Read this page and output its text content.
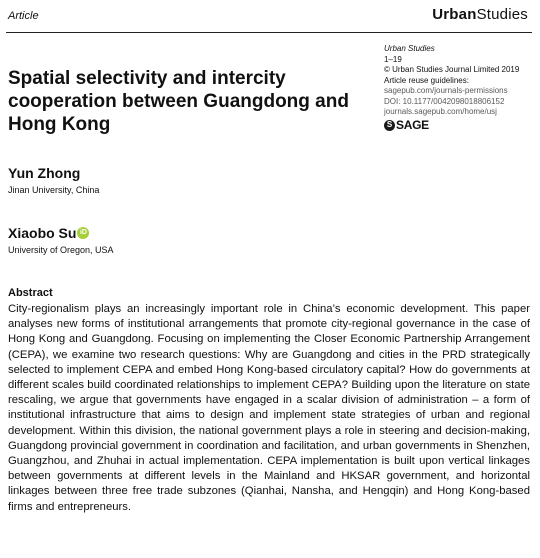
Article	UrbanStudies
Urban Studies
1–19
© Urban Studies Journal Limited 2019
Article reuse guidelines:
sagepub.com/journals-permissions
DOI: 10.1177/0042098018806152
journals.sagepub.com/home/usj
S SAGE
Spatial selectivity and intercity cooperation between Guangdong and Hong Kong
Yun Zhong
Jinan University, China
Xiaobo Su iD
University of Oregon, USA
Abstract

City-regionalism plays an increasingly important role in China’s economic development. This paper analyses new forms of institutional arrangements that promote city-regional governance in the case of Hong Kong and Guangdong. Focusing on implementing the Closer Economic Partnership Arrangement (CEPA), we examine two research questions: Why are Guangdong and cities in the PRD strategically selected to implement CEPA and embed Hong Kong-based circulatory capital? How do governments at different scales build coordinated relationships to implement CEPA? Building upon the literature on state rescaling, we argue that governments have engaged in a scalar division of administration – a form of institutional infrastructure that aims to design and implement state strategies of urban and regional development. Within this division, the national government plays a role in steering and decision-making, Guangdong provincial government in coordination and facilitation, and urban governments in Shenzhen, Guangzhou, and Zhuhai in actual implementation. CEPA implementation is built upon vertical linkages between governments at different levels in the Mainland and HKSAR government, and horizontal linkages between three free trade subzones (Qianhai, Nansha, and Hengqin) and Hong Kong-based firms and entrepreneurs.
